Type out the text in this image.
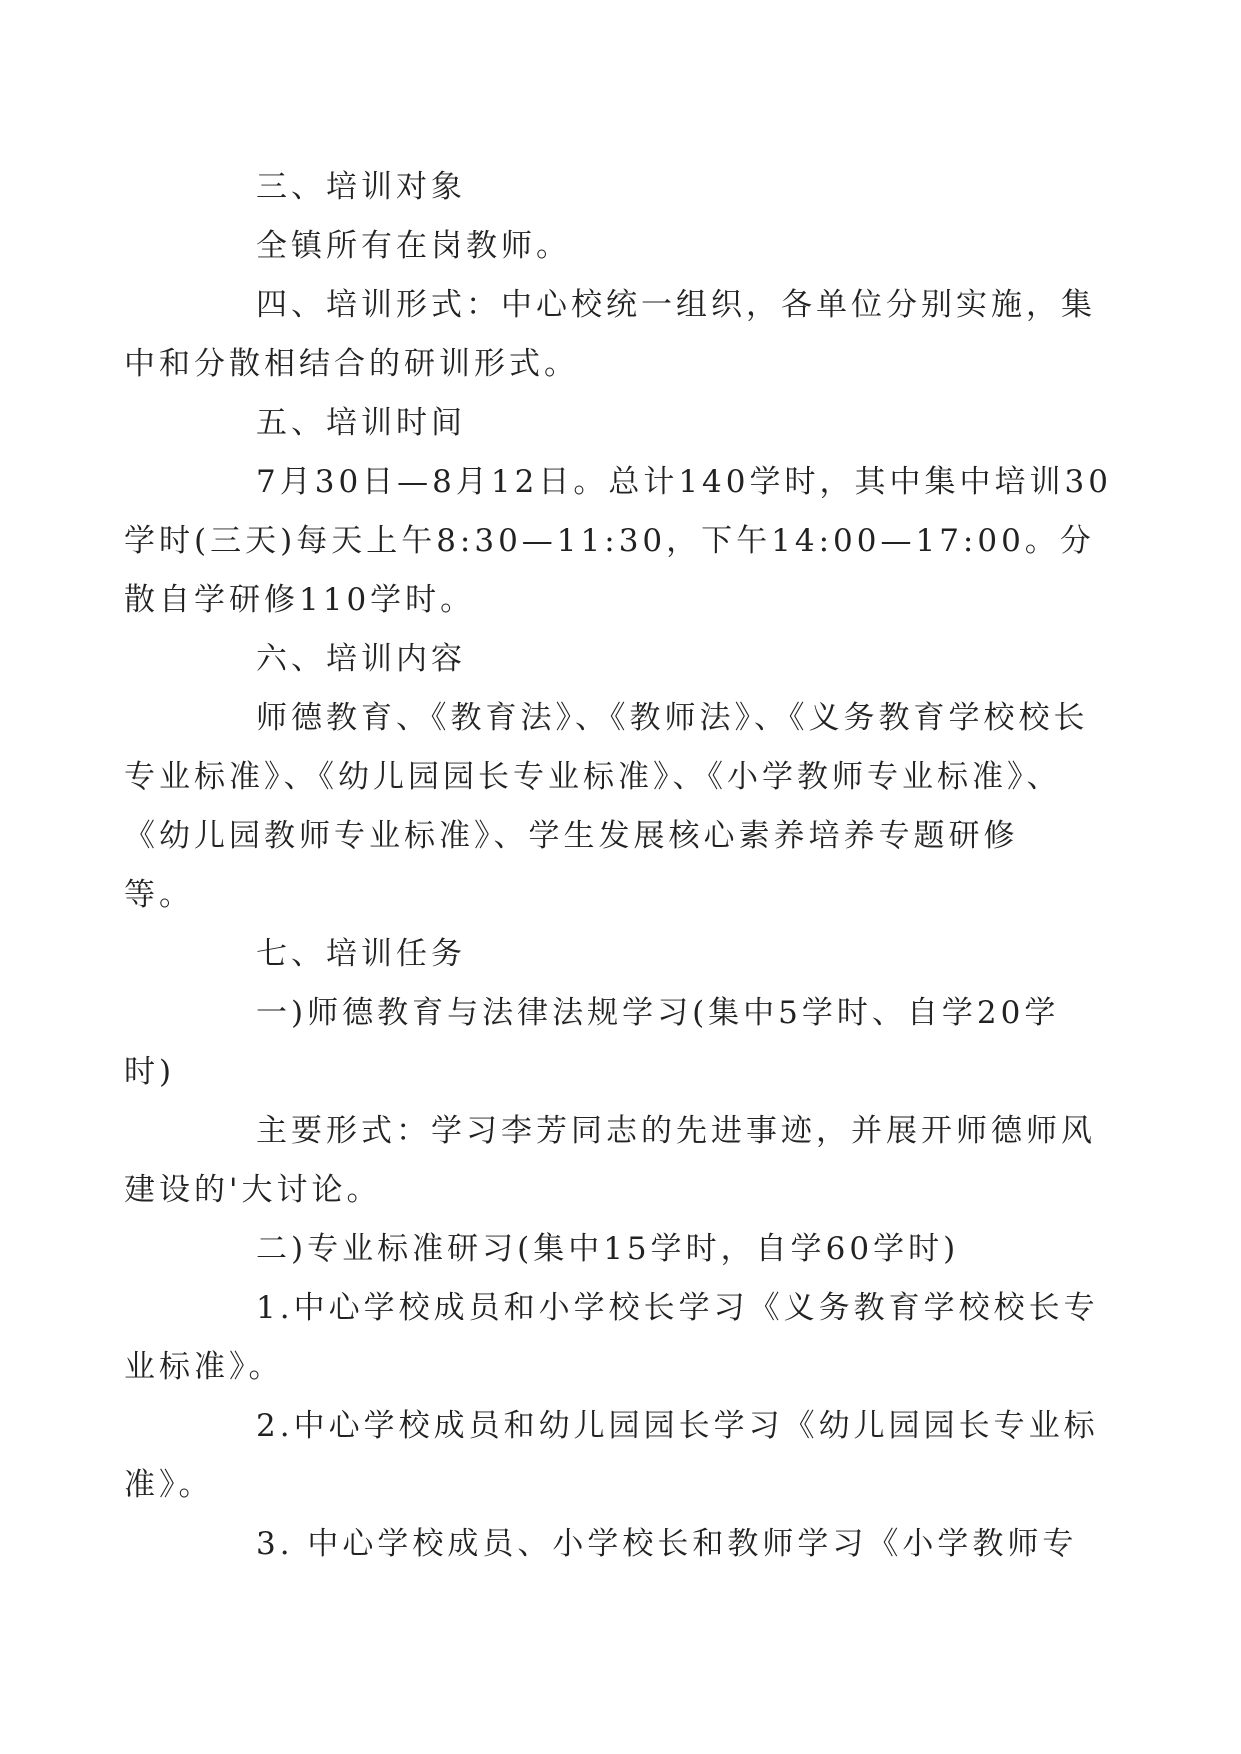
三、培训对象

全镇所有在岗教师。

四、培训形式：中心校统一组织，各单位分别实施，集
中和分散相结合的研训形式。

五、培训时间

7月30日—8月12日。总计140学时，其中集中培训30
学时(三天)每天上午8:30—11:30，下午14:00—17:00。分
散自学研修110学时。

六、培训内容

师德教育、《教育法》、《教师法》、《义务教育学校校长
专业标准》、《幼儿园园长专业标准》、《小学教师专业标准》、
《幼儿园教师专业标准》、学生发展核心素养培养专题研修
等。

七、培训任务

一)师德教育与法律法规学习(集中5学时、自学20学
时)

主要形式：学习李芳同志的先进事迹，并展开师德师风
建设的'大讨论。

二)专业标准研习(集中15学时，自学60学时)

1.中心学校成员和小学校长学习《义务教育学校校长专
业标准》。

2.中心学校成员和幼儿园园长学习《幼儿园园长专业标
准》。

3. 中心学校成员、小学校长和教师学习《小学教师专
